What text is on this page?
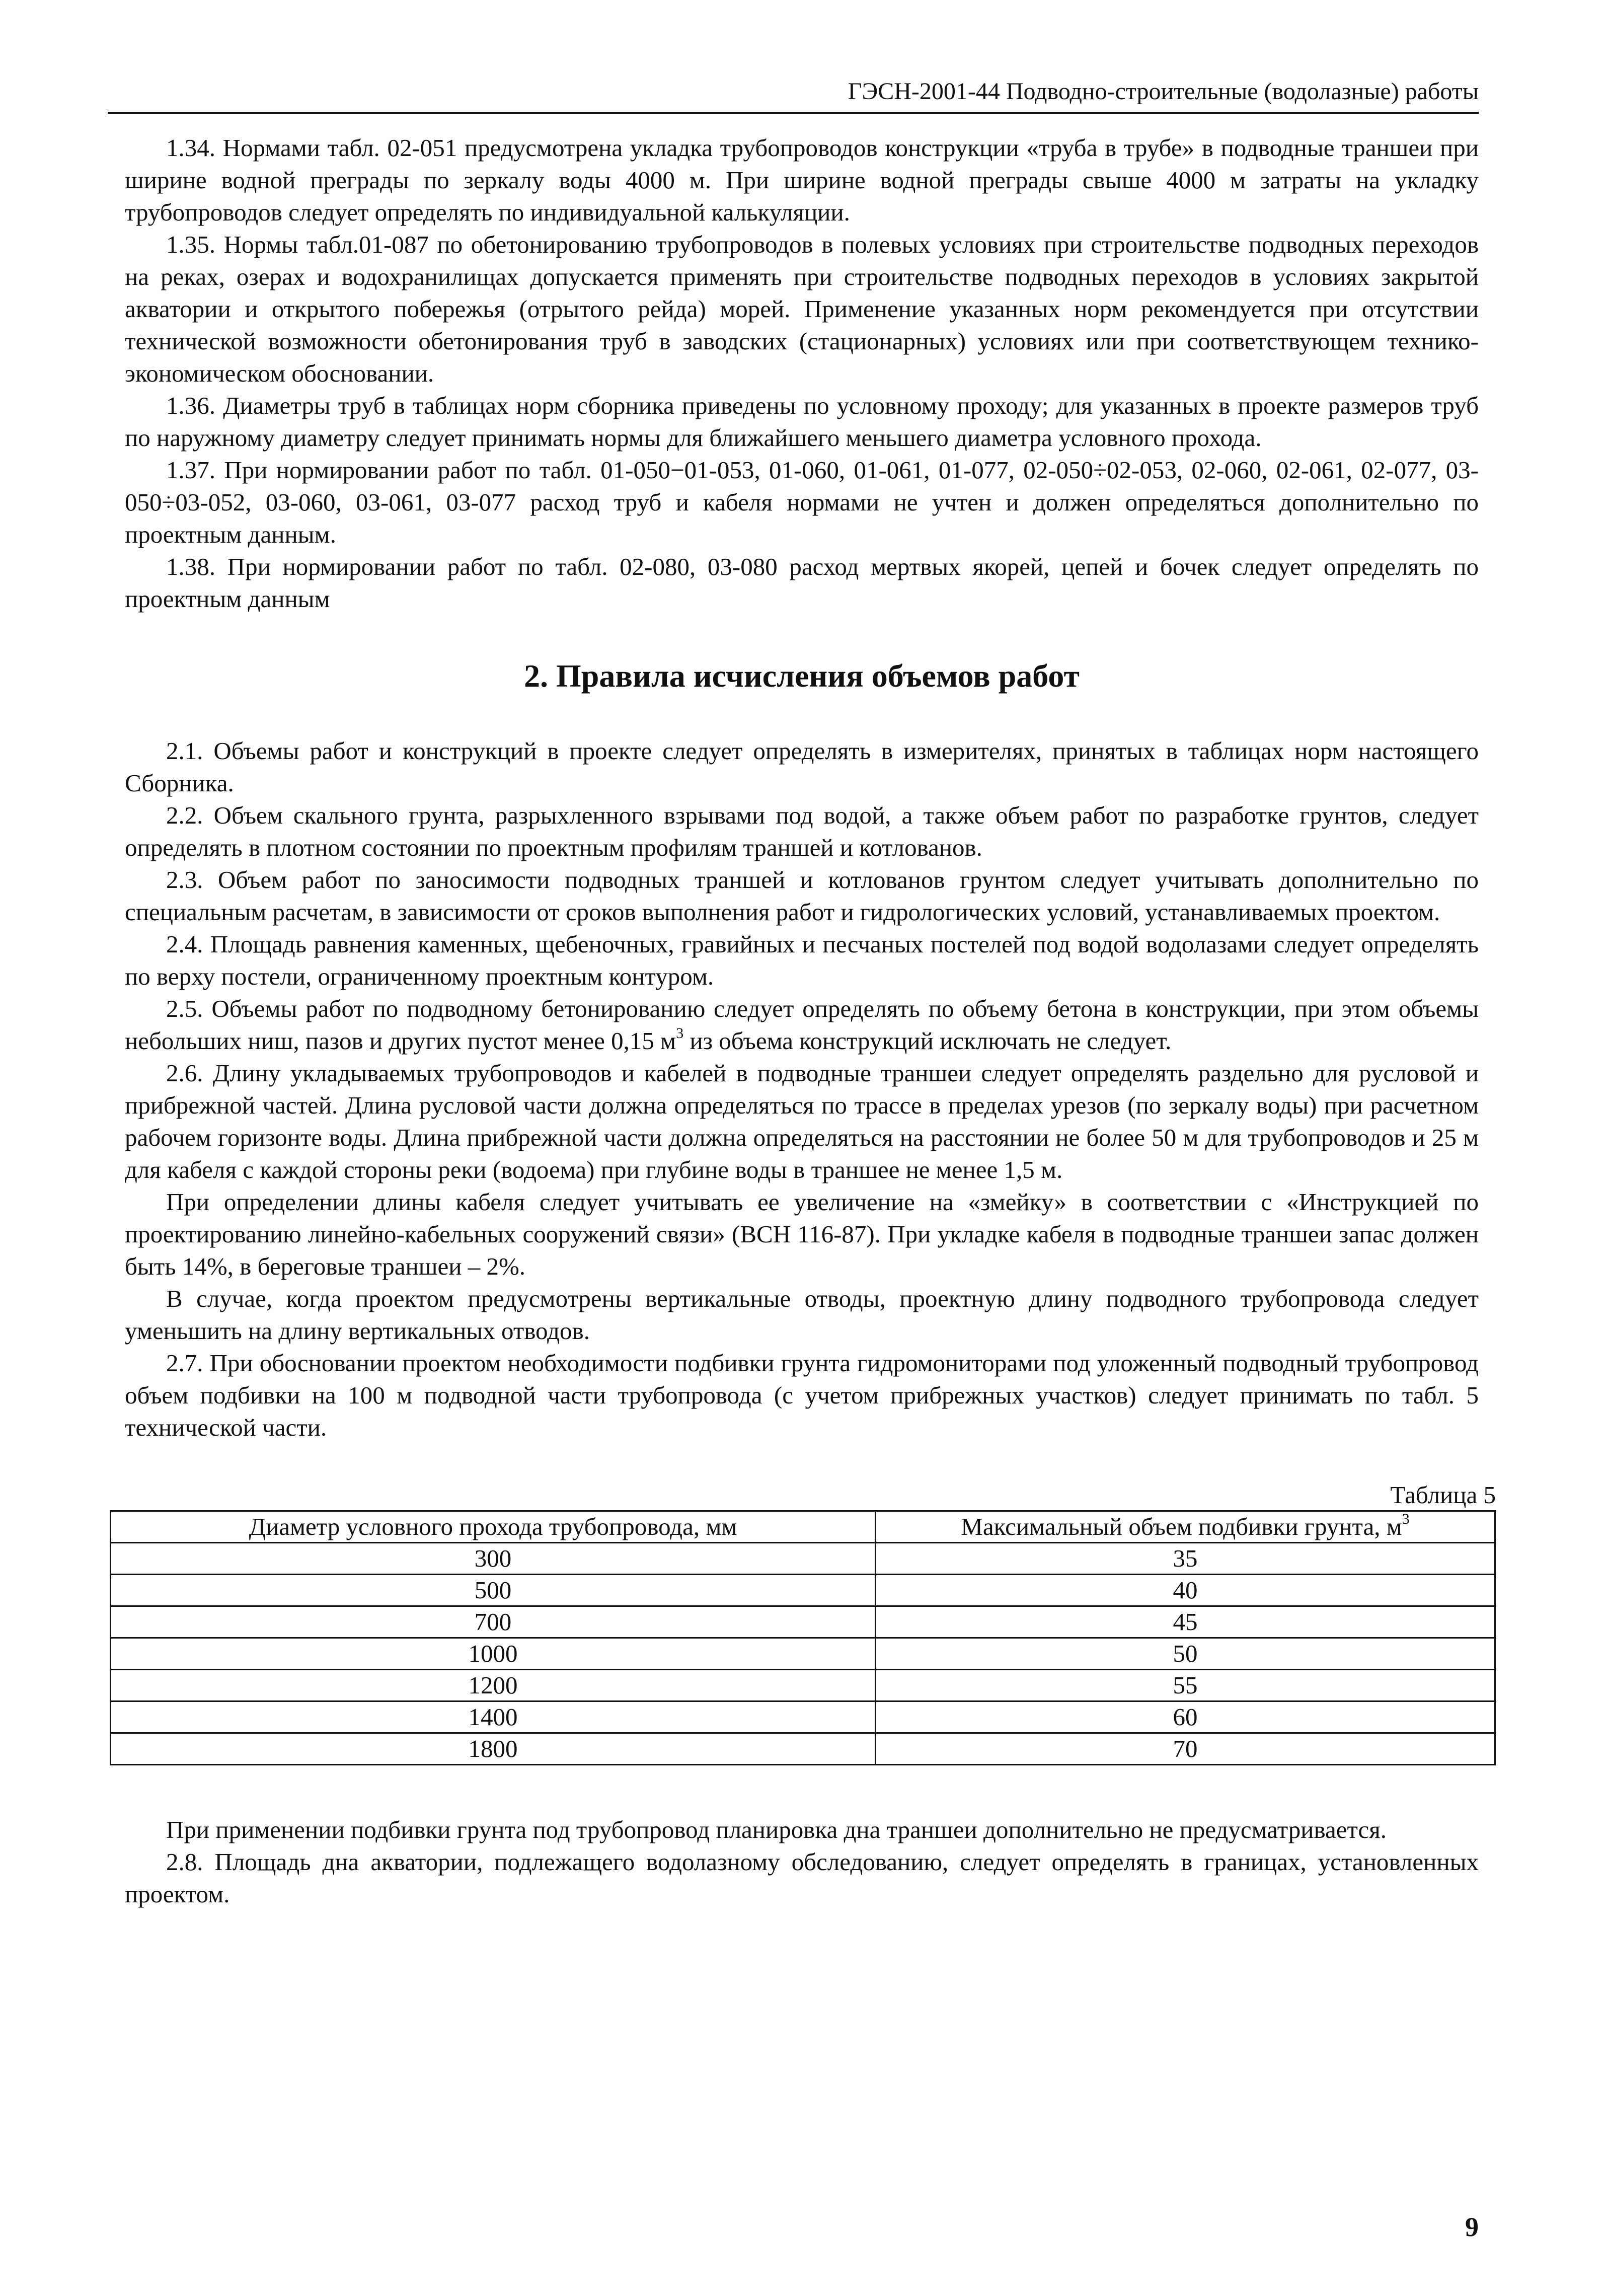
ГЭСН-2001-44 Подводно-строительные (водолазные) работы

1.34. Нормами табл. 02-051 предусмотрена укладка трубопроводов конструкции «труба в трубе» в подводные траншеи при ширине водной преграды по зеркалу воды 4000 м. При ширине водной преграды свыше 4000 м затраты на укладку трубопроводов следует определять по индивидуальной калькуляции.

1.35. Нормы табл.01-087 по обетонированию трубопроводов в полевых условиях при строительстве подводных переходов на реках, озерах и водохранилищах допускается применять при строительстве подводных переходов в условиях закрытой акватории и открытого побережья (отрытого рейда) морей. Применение указанных норм рекомендуется при отсутствии технической возможности обетонирования труб в заводских (стационарных) условиях или при соответствующем технико-экономическом обосновании.

1.36. Диаметры труб в таблицах норм сборника приведены по условному проходу; для указанных в проекте размеров труб по наружному диаметру следует принимать нормы для ближайшего меньшего диаметра условного прохода.

1.37. При нормировании работ по табл. 01-050−01-053, 01-060, 01-061, 01-077, 02-050÷02-053, 02-060, 02-061, 02-077, 03-050÷03-052, 03-060, 03-061, 03-077 расход труб и кабеля нормами не учтен и должен определяться дополнительно по проектным данным.

1.38. При нормировании работ по табл. 02-080, 03-080 расход мертвых якорей, цепей и бочек следует определять по проектным данным

2. Правила исчисления объемов работ

2.1. Объемы работ и конструкций в проекте следует определять в измерителях, принятых в таблицах норм настоящего Сборника.

2.2. Объем скального грунта, разрыхленного взрывами под водой, а также объем работ по разработке грунтов, следует определять в плотном состоянии по проектным профилям траншей и котлованов.

2.3. Объем работ по заносимости подводных траншей и котлованов грунтом следует учитывать дополнительно по специальным расчетам, в зависимости от сроков выполнения работ и гидрологических условий, устанавливаемых проектом.

2.4. Площадь равнения каменных, щебеночных, гравийных и песчаных постелей под водой водолазами следует определять по верху постели, ограниченному проектным контуром.

2.5. Объемы работ по подводному бетонированию следует определять по объему бетона в конструкции, при этом объемы небольших ниш, пазов и других пустот менее 0,15 $м^3$ из объема конструкций исключать не следует.

2.6. Длину укладываемых трубопроводов и кабелей в подводные траншеи следует определять раздельно для русловой и прибрежной частей. Длина русловой части должна определяться по трассе в пределах урезов (по зеркалу воды) при расчетном рабочем горизонте воды. Длина прибрежной части должна определяться на расстоянии не более 50 м для трубопроводов и 25 м для кабеля с каждой стороны реки (водоема) при глубине воды в траншее не менее 1,5 м.

При определении длины кабеля следует учитывать ее увеличение на «змейку» в соответствии с «Инструкцией по проектированию линейно-кабельных сооружений связи» (ВСН 116-87). При укладке кабеля в подводные траншеи запас должен быть 14%, в береговые траншеи – 2%.

В случае, когда проектом предусмотрены вертикальные отводы, проектную длину подводного трубопровода следует уменьшить на длину вертикальных отводов.

2.7. При обосновании проектом необходимости подбивки грунта гидромониторами под уложенный подводный трубопровод объем подбивки на 100 м подводной части трубопровода (с учетом прибрежных участков) следует принимать по табл. 5 технической части.

Таблица 5
Диаметр условного прохода трубопровода, мм	Максимальный объем подбивки грунта, $м^3$
300	35
500	40
700	45
1000	50
1200	55
1400	60
1800	70

При применении подбивки грунта под трубопровод планировка дна траншеи дополнительно не предусматривается.

2.8. Площадь дна акватории, подлежащего водолазному обследованию, следует определять в границах, установленных проектом.

9
